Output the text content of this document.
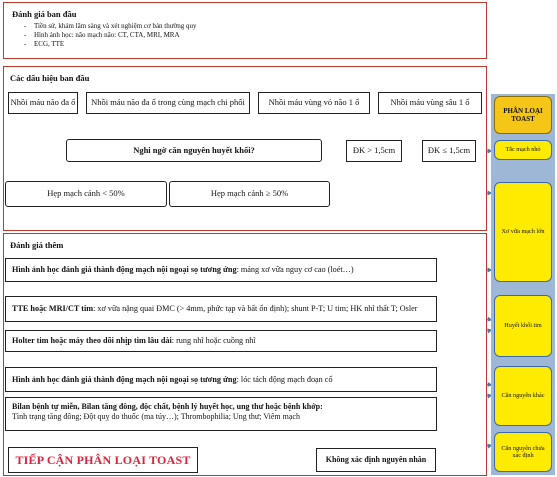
Đánh giá ban đầu
- Tiền sử, khám lâm sàng và xét nghiệm cơ bản thường quy
- Hình ảnh học: não mạch não: CT, CTA, MRI, MRA
- ECG, TTE
Các dấu hiệu ban đầu
Nhồi máu não đa ổ	Nhồi máu não đa ổ trong cùng mạch chi phối	Nhồi máu vùng vỏ não 1 ổ	Nhồi máu vùng sâu 1 ổ
Nghi ngờ căn nguyên huyết khối?	ĐK > 1,5cm	ĐK ≤ 1,5cm
Hẹp mạch cảnh < 50%	Hẹp mạch cảnh ≥ 50%
Đánh giá thêm
Hình ảnh học đánh giá thành động mạch nội ngoại sọ tương ứng: mảng xơ vữa nguy cơ cao (loét…)
TTE hoặc MRI/CT tim: xơ vữa nặng quai ĐMC (> 4mm, phức tạp và bất ổn định); shunt P-T; U tim; HK nhĩ thất T; Osler
Holter tim hoặc máy theo dõi nhịp tim lâu dài: rung nhĩ hoặc cuồng nhĩ
Hình ảnh học đánh giá thành động mạch nội ngoại sọ tương ứng: lóc tách động mạch đoạn cổ
Bilan bệnh tự miễn, Bilan tăng đông, độc chất, bệnh lý huyết học, ung thư hoặc bệnh khớp:
Tình trạng tăng đông; Đột quỵ do thuốc (ma túy…); Thrombophilia; Ung thư; Viêm mạch
TIẾP CẬN PHÂN LOẠI TOAST	Không xác định nguyên nhân
PHÂN LOẠI TOAST
Tắc mạch nhỏ
Xơ vữa mạch lớn
Huyết khối tim
Căn nguyên khác
Căn nguyên chưa xác định
